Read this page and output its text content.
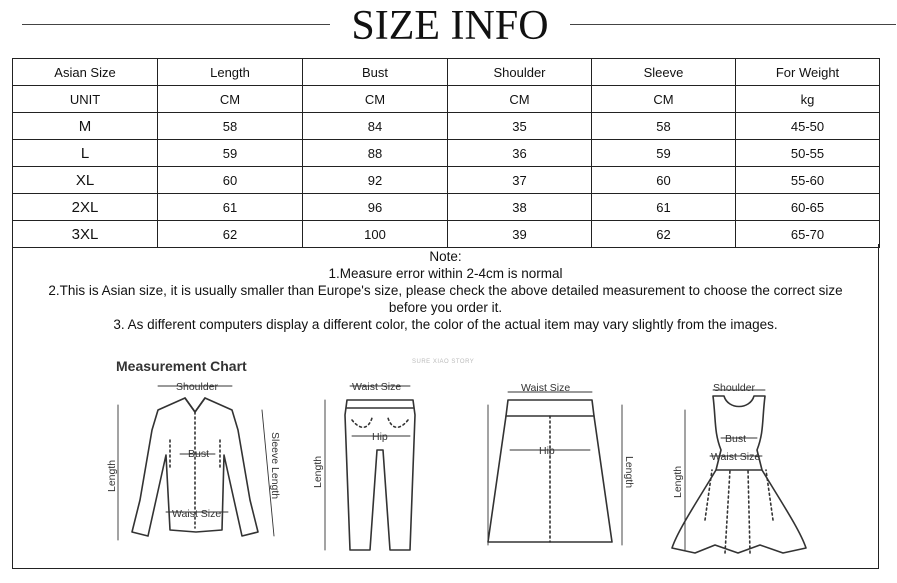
SIZE INFO
Asian Size	Length	Bust	Shoulder	Sleeve	For Weight
UNIT	CM	CM	CM	CM	kg
M	58	84	35	58	45-50
L	59	88	36	59	50-55
XL	60	92	37	60	55-60
2XL	61	96	38	61	60-65
3XL	62	100	39	62	65-70
Note:
1.Measure error within 2-4cm is normal
2.This is Asian size, it is usually smaller than Europe's size, please check the above detailed measurement to choose the correct size
before you order it.
3. As different computers display a different color, the color of the actual item may vary slightly from the images.
Measurement Chart	SURE XIAO STORY
Shoulder
Bust
Waist Size
Length	Sleeve Length
Waist Size
Hip
Length
Waist Size
Hip
Length
Shoulder
Bust
Waist Size
Length
